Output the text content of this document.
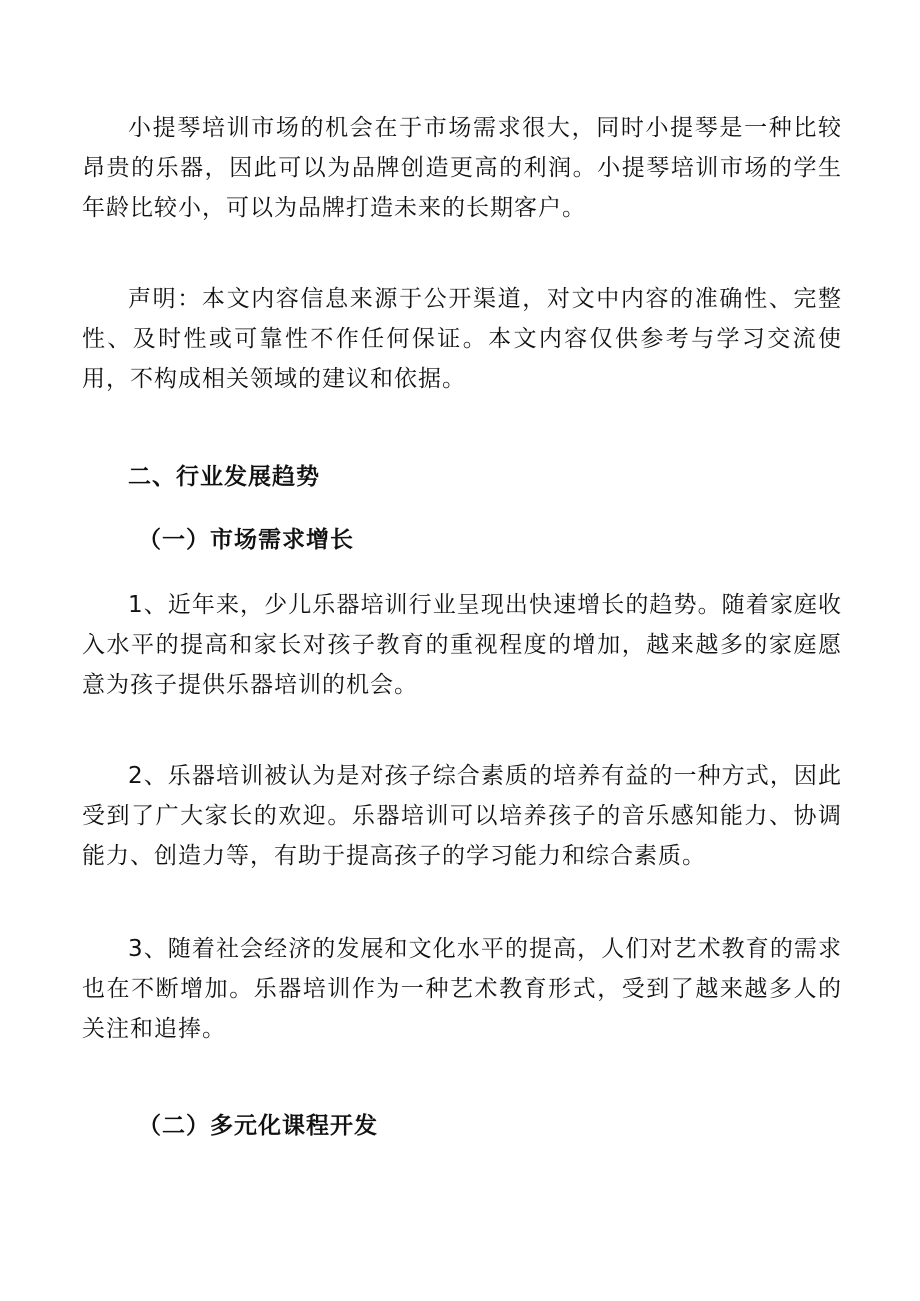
小提琴培训市场的机会在于市场需求很大，同时小提琴是一种比较昂贵的乐器，因此可以为品牌创造更高的利润。小提琴培训市场的学生年龄比较小，可以为品牌打造未来的长期客户。

声明：本文内容信息来源于公开渠道，对文中内容的准确性、完整性、及时性或可靠性不作任何保证。本文内容仅供参考与学习交流使用，不构成相关领域的建议和依据。

二、行业发展趋势
（一）市场需求增长

1、近年来，少儿乐器培训行业呈现出快速增长的趋势。随着家庭收入水平的提高和家长对孩子教育的重视程度的增加，越来越多的家庭愿意为孩子提供乐器培训的机会。

2、乐器培训被认为是对孩子综合素质的培养有益的一种方式，因此受到了广大家长的欢迎。乐器培训可以培养孩子的音乐感知能力、协调能力、创造力等，有助于提高孩子的学习能力和综合素质。

3、随着社会经济的发展和文化水平的提高，人们对艺术教育的需求也在不断增加。乐器培训作为一种艺术教育形式，受到了越来越多人的关注和追捧。

（二）多元化课程开发
